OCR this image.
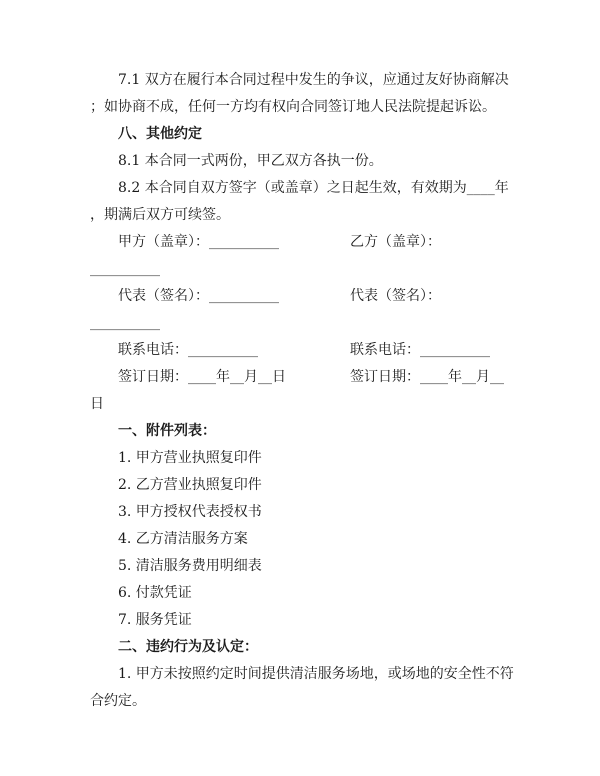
7.1 双方在履行本合同过程中发生的争议，应通过友好协商解决
；如协商不成，任何一方均有权向合同签订地人民法院提起诉讼。
八、其他约定
8.1 本合同一式两份，甲乙双方各执一份。
8.2 本合同自双方签字（或盖章）之日起生效，有效期为____年
，期满后双方可续签。
甲方（盖章）：__________	乙方（盖章）：
__________
代表（签名）：__________	代表（签名）：
__________
联系电话：__________	联系电话：__________
签订日期：____年__月__日	签订日期：____年__月__
日
一、附件列表：
1. 甲方营业执照复印件
2. 乙方营业执照复印件
3. 甲方授权代表授权书
4. 乙方清洁服务方案
5. 清洁服务费用明细表
6. 付款凭证
7. 服务凭证
二、违约行为及认定：
1. 甲方未按照约定时间提供清洁服务场地，或场地的安全性不符
合约定。
